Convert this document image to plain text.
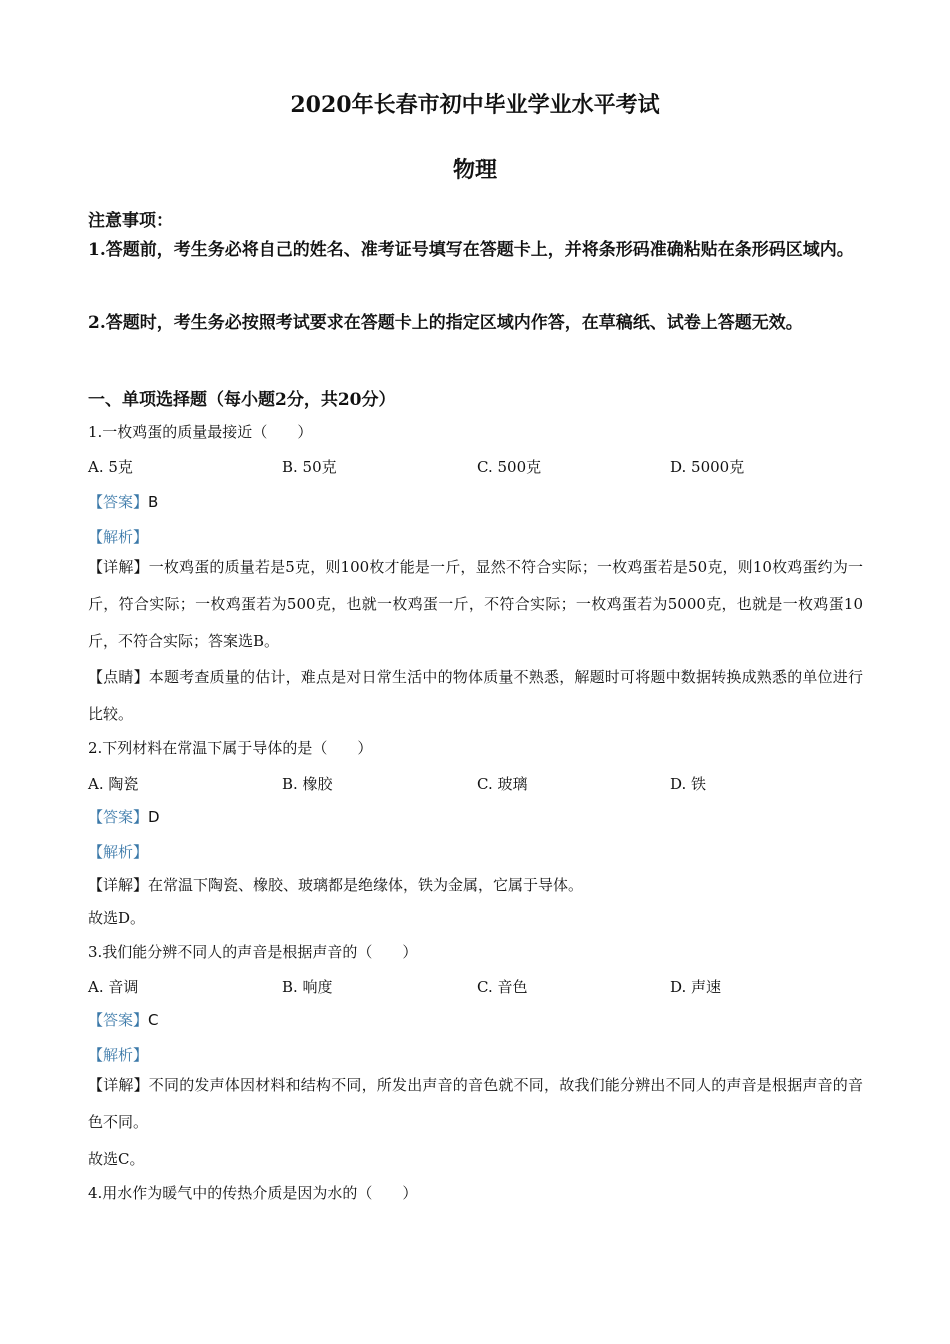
2020年长春市初中毕业学业水平考试
物理
注意事项：
1.答题前，考生务必将自己的姓名、准考证号填写在答题卡上，并将条形码准确粘贴在条形码区域内。
2.答题时，考生务必按照考试要求在答题卡上的指定区域内作答，在草稿纸、试卷上答题无效。
一、单项选择题（每小题2分，共20分）
1.一枚鸡蛋的质量最接近（　　）
A. 5克	B. 50克	C. 500克	D. 5000克
【答案】B
【解析】
【详解】一枚鸡蛋的质量若是5克，则100枚才能是一斤，显然不符合实际；一枚鸡蛋若是50克，则10枚鸡蛋约为一斤，符合实际；一枚鸡蛋若为500克，也就一枚鸡蛋一斤，不符合实际；一枚鸡蛋若为5000克，也就是一枚鸡蛋10斤，不符合实际；答案选B。
【点睛】本题考查质量的估计，难点是对日常生活中的物体质量不熟悉，解题时可将题中数据转换成熟悉的单位进行比较。
2.下列材料在常温下属于导体的是（　　）
A. 陶瓷	B. 橡胶	C. 玻璃	D. 铁
【答案】D
【解析】
【详解】在常温下陶瓷、橡胶、玻璃都是绝缘体，铁为金属，它属于导体。
故选D。
3.我们能分辨不同人的声音是根据声音的（　　）
A. 音调	B. 响度	C. 音色	D. 声速
【答案】C
【解析】
【详解】不同的发声体因材料和结构不同，所发出声音的音色就不同，故我们能分辨出不同人的声音是根据声音的音色不同。
故选C。
4.用水作为暖气中的传热介质是因为水的（　　）
